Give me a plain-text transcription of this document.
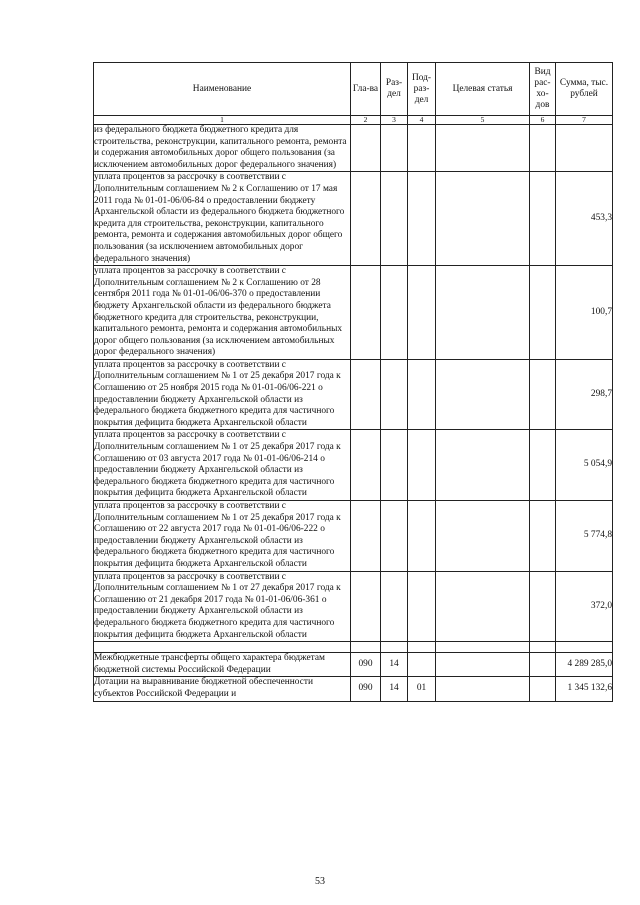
Наименование	Гла-ва	Раз-дел	Под-раз-дел	Целевая статья	Вид рас-хо-дов	Сумма, тыс. рублей
1	2	3	4	5	6	7
из федерального бюджета бюджетного кредита для строительства, реконструкции, капитального ремонта, ремонта и содержания автомобильных дорог общего пользования (за исключением автомобильных дорог федерального значения)						
уплата процентов за рассрочку в соответствии с Дополнительным соглашением № 2 к Соглашению от 17 мая 2011 года № 01-01-06/06-84 о предоставлении бюджету Архангельской области из федерального бюджета бюджетного кредита для строительства, реконструкции, капитального ремонта, ремонта и содержания автомобильных дорог общего пользования (за исключением автомобильных дорог федерального значения)						453,3
уплата процентов за рассрочку в соответствии с Дополнительным соглашением № 2 к Соглашению от 28 сентября 2011 года № 01-01-06/06-370 о предоставлении бюджету Архангельской области из федерального бюджета бюджетного кредита для строительства, реконструкции, капитального ремонта, ремонта и содержания автомобильных дорог общего пользования (за исключением автомобильных дорог федерального значения)						100,7
уплата процентов за рассрочку в соответствии с Дополнительным соглашением № 1 от 25 декабря 2017 года к Соглашению от 25 ноября 2015 года № 01-01-06/06-221 о предоставлении бюджету Архангельской области из федерального бюджета бюджетного кредита для частичного покрытия дефицита бюджета Архангельской области						298,7
уплата процентов за рассрочку в соответствии с Дополнительным соглашением № 1 от 25 декабря 2017 года к Соглашению от 03 августа 2017 года № 01-01-06/06-214 о предоставлении бюджету Архангельской области из федерального бюджета бюджетного кредита для частичного покрытия дефицита бюджета Архангельской области						5 054,9
уплата процентов за рассрочку в соответствии с Дополнительным соглашением № 1 от 25 декабря 2017 года к Соглашению от 22 августа 2017 года № 01-01-06/06-222 о предоставлении бюджету Архангельской области из федерального бюджета бюджетного кредита для частичного покрытия дефицита бюджета Архангельской области						5 774,8
уплата процентов за рассрочку в соответствии с Дополнительным соглашением № 1 от 27 декабря 2017 года к Соглашению от 21 декабря 2017 года № 01-01-06/06-361 о предоставлении бюджету Архангельской области из федерального бюджета бюджетного кредита для частичного покрытия дефицита бюджета Архангельской области						372,0

Межбюджетные трансферты общего характера бюджетам бюджетной системы Российской Федерации	090	14				4 289 285,0
Дотации на выравнивание бюджетной обеспеченности субъектов Российской Федерации и	090	14	01			1 345 132,6
53
